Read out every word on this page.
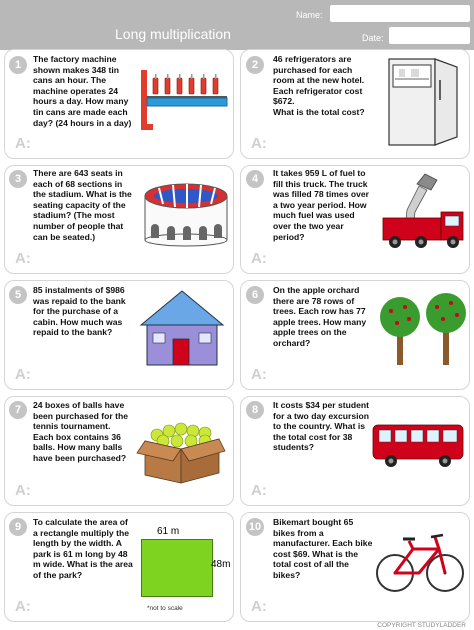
Long multiplication
Name:
Date:
1	The factory machine
shown makes 348 tin
cans an hour. The
machine operates 24
hours a day. How many
tin cans are made each
day? (24 hours in a day)
A:
2	46 refrigerators are
purchased for each
room at the new hotel.
Each refrigerator cost
$672.
What is the total cost?
A:
3	There are 643 seats in
each of 68 sections in
the stadium. What is the
seating capacity of the
stadium? (The most
number of people that
can be seated.)
A:
4	It takes 959 L of fuel to
fill this truck. The truck
was filled 78 times over
a two year period. How
much fuel was used
over the two year
period?
A:
5	85 instalments of $986
was repaid to the bank
for the purchase of a
cabin. How much was
repaid to the bank?
A:
6	On the apple orchard
there are 78 rows of
trees. Each row has 77
apple trees. How many
apple trees on the
orchard?
A:
7	24 boxes of balls have
been purchased for the
tennis tournament.
Each box contains 36
balls. How many balls
have been purchased?
A:
8	It costs $34 per student
for a two day excursion
to the country. What is
the total cost for 38
students?
A:
9	To calculate the area of
a rectangle multiply the
length by the width. A
park is 61 m long by 48
m wide. What is the area
of the park?
A:
61 m
48m
*not to scale
10	Bikemart bought 65
bikes from a
manufacturer. Each bike
cost $69. What is the
total cost of all the
bikes?
A:
COPYRIGHT STUDYLADDER
